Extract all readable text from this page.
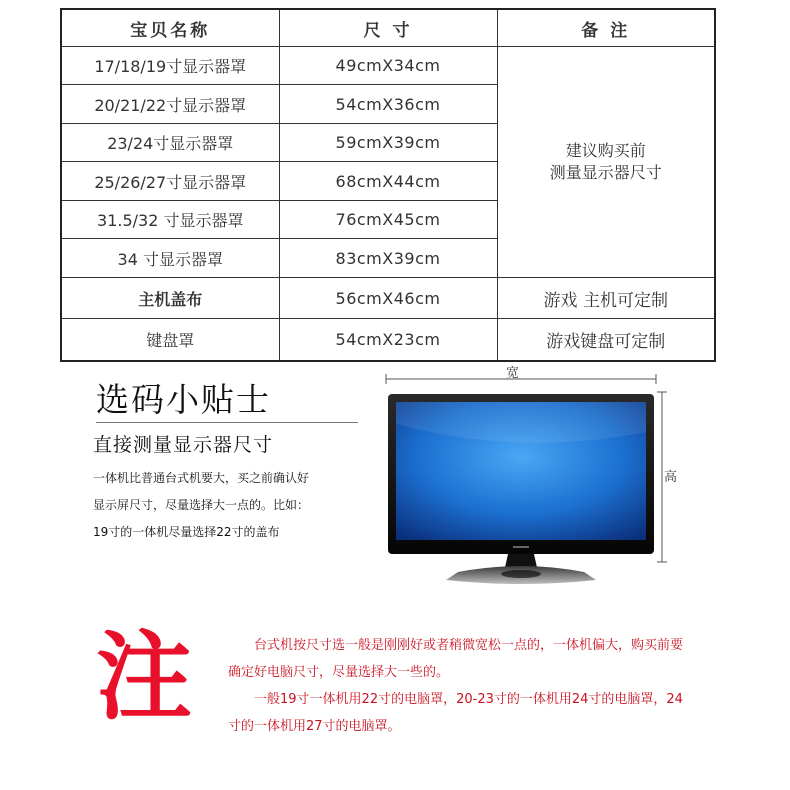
宝贝名称	尺 寸	备 注
17/18/19寸显示器罩	49cmX34cm	建议购买前
测量显示器尺寸

20/21/22寸显示器罩	54cmX36cm	
23/24寸显示器罩	59cmX39cm	
25/26/27寸显示器罩	68cmX44cm	
31.5/32 寸显示器罩	76cmX45cm	
34 寸显示器罩	83cmX39cm	
主机盖布	56cmX46cm	游戏 主机可定制
键盘罩	54cmX23cm	游戏键盘可定制
选码小贴士
直接测量显示器尺寸
一体机比普通台式机要大，买之前确认好显示屏尺寸，尽量选择大一点的。比如：19寸的一体机尽量选择22寸的盖布
宽
高
注	台式机按尺寸选一般是刚刚好或者稍微宽松一点的，一体机偏大，购买前要确定好电脑尺寸，尽量选择大一些的。

一般19寸一体机用22寸的电脑罩，20-23寸的一体机用24寸的电脑罩，24寸的一体机用27寸的电脑罩。
